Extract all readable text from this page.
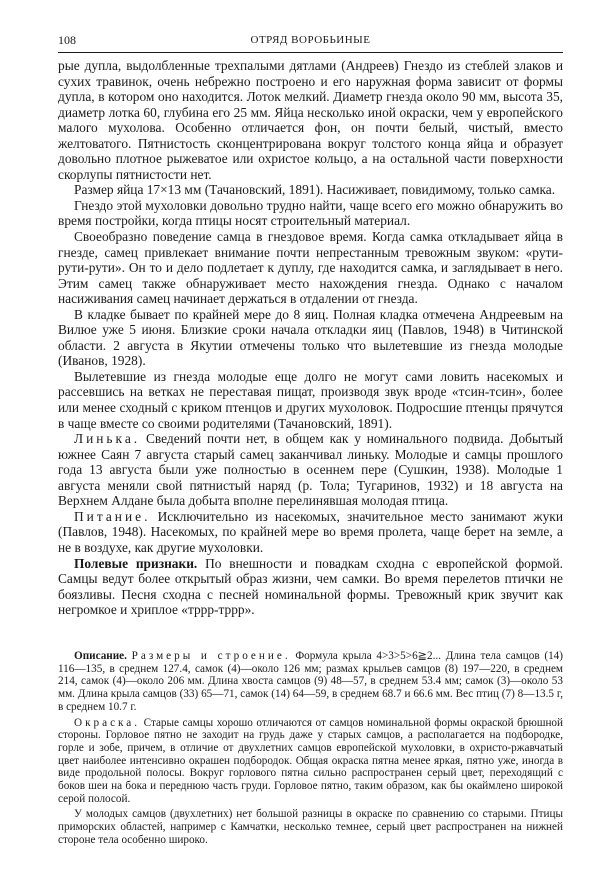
108	ОТРЯД ВОРОБЬИНЫЕ

рые дупла, выдолбленные трехпалыми дятлами (Андреев) Гнездо из стеблей злаков и сухих травинок, очень небрежно построено и его наружная форма зависит от формы дупла, в котором оно находится. Лоток мелкий. Диаметр гнезда около 90 мм, высота 35, диаметр лотка 60, глубина его 25 мм. Яйца несколько иной окраски, чем у европейского малого мухолова. Особенно отличается фон, он почти белый, чистый, вместо желтоватого. Пятнистость сконцентрирована вокруг толстого конца яйца и образует довольно плотное рыжеватое или охристое кольцо, а на остальной части поверхности скорлупы пятнистости нет.

Размер яйца 17×13 мм (Тачановский, 1891). Насиживает, повидимому, только самка.

Гнездо этой мухоловки довольно трудно найти, чаще всего его можно обнаружить во время постройки, когда птицы носят строительный материал.

Своеобразно поведение самца в гнездовое время. Когда самка откладывает яйца в гнезде, самец привлекает внимание почти непрестанным тревожным звуком: «рути-рути-рути». Он то и дело подлетает к дуплу, где находится самка, и заглядывает в него. Этим самец также обнаруживает место нахождения гнезда. Однако с началом насиживания самец начинает держаться в отдалении от гнезда.

В кладке бывает по крайней мере до 8 яиц. Полная кладка отмечена Андреевым на Вилюе уже 5 июня. Близкие сроки начала откладки яиц (Павлов, 1948) в Читинской области. 2 августа в Якутии отмечены только что вылетевшие из гнезда молодые (Иванов, 1928).

Вылетевшие из гнезда молодые еще долго не могут сами ловить насекомых и рассевшись на ветках не переставая пищат, производя звук вроде «тсин-тсин», более или менее сходный с криком птенцов и других мухоловок. Подросшие птенцы прячутся в чаще вместе со своими родителями (Тачановский, 1891).

Линька. Сведений почти нет, в общем как у номинального подвида. Добытый южнее Саян 7 августа старый самец заканчивал линьку. Молодые и самцы прошлого года 13 августа были уже полностью в осеннем пере (Сушкин, 1938). Молодые 1 августа меняли свой пятнистый наряд (р. Тола; Тугаринов, 1932) и 18 августа на Верхнем Алдане была добыта вполне перелинявшая молодая птица.

Питание. Исключительно из насекомых, значительное место занимают жуки (Павлов, 1948). Насекомых, по крайней мере во время пролета, чаще берет на земле, а не в воздухе, как другие мухоловки.

Полевые признаки. По внешности и повадкам сходна с европейской формой. Самцы ведут более открытый образ жизни, чем самки. Во время перелетов птички не боязливы. Песня сходна с песней номинальной формы. Тревожный крик звучит как негромкое и хриплое «тррр-тррр».

Описание. Размеры и строение. Формула крыла 4>3>5>6≧2... Длина тела самцов (14) 116—135, в среднем 127.4, самок (4)—около 126 мм; размах крыльев самцов (8) 197—220, в среднем 214, самок (4)—около 206 мм. Длина хвоста самцов (9) 48—57, в среднем 53.4 мм; самок (3)—около 53 мм. Длина крыла самцов (33) 65—71, самок (14) 64—59, в среднем 68.7 и 66.6 мм. Вес птиц (7) 8—13.5 г, в среднем 10.7 г.

Окраска. Старые самцы хорошо отличаются от самцов номинальной формы окраской брюшной стороны. Горловое пятно не заходит на грудь даже у старых самцов, а располагается на подбородке, горле и зобе, причем, в отличие от двухлетних самцов европейской мухоловки, в охристо-ржавчатый цвет наиболее интенсивно окрашен подбородок. Общая окраска пятна менее яркая, пятно уже, иногда в виде продольной полосы. Вокруг горлового пятна сильно распространен серый цвет, переходящий с боков шеи на бока и переднюю часть груди. Горловое пятно, таким образом, как бы окаймлено широкой серой полосой.

У молодых самцов (двухлетних) нет большой разницы в окраске по сравнению со старыми. Птицы приморских областей, например с Камчатки, несколько темнее, серый цвет распространен на нижней стороне тела особенно широко.
